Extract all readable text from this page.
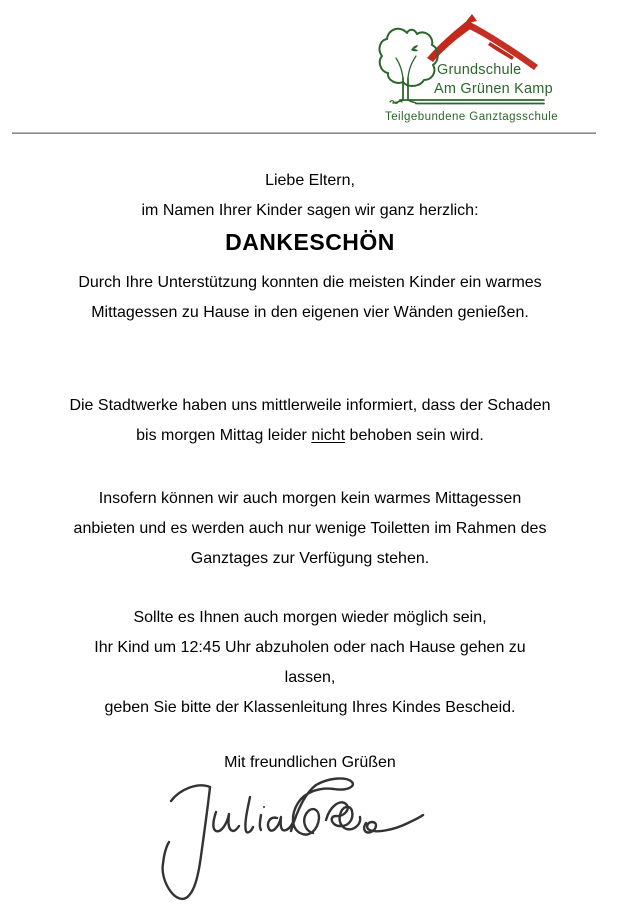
Grundschule
Am Grünen Kamp
Teilgebundene Ganztagsschule

Liebe Eltern,
im Namen Ihrer Kinder sagen wir ganz herzlich:

DANKESCHÖN

Durch Ihre Unterstützung konnten die meisten Kinder ein warmes
Mittagessen zu Hause in den eigenen vier Wänden genießen.

Die Stadtwerke haben uns mittlerweile informiert, dass der Schaden
bis morgen Mittag leider nicht behoben sein wird.

Insofern können wir auch morgen kein warmes Mittagessen
anbieten und es werden auch nur wenige Toiletten im Rahmen des
Ganztages zur Verfügung stehen.

Sollte es Ihnen auch morgen wieder möglich sein,
Ihr Kind um 12:45 Uhr abzuholen oder nach Hause gehen zu
lassen,
geben Sie bitte der Klassenleitung Ihres Kindes Bescheid.

Mit freundlichen Grüßen
